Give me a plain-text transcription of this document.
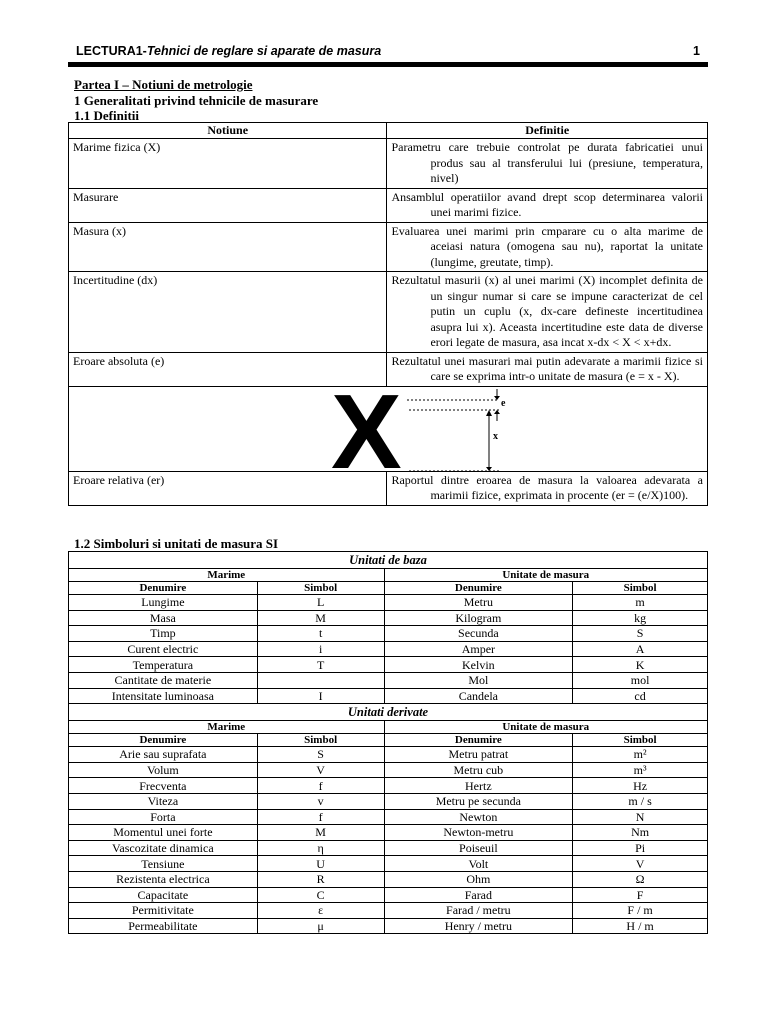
LECTURA1-Tehnici de reglare si aparate de masura	1
Partea I – Notiuni de metrologie
1 Generalitati privind tehnicile de masurare
1.1 Definitii
Notiune	Definitie
Marime fizica (X)	Parametru care trebuie controlat pe durata fabricatiei unui produs sau al transferului lui (presiune, temperatura, nivel)
Masurare	Ansamblul operatiilor avand drept scop determinarea valorii unei marimi fizice.
Masura (x)	Evaluarea unei marimi prin cmparare cu o alta marime de aceiasi natura (omogena sau nu), raportat la unitate (lungime, greutate, timp).
Incertitudine (dx)	Rezultatul masurii (x) al unei marimi (X) incomplet definita de un singur numar si care se impune caracterizat de cel putin un cuplu (x, dx-care defineste incertitudinea asupra lui x). Aceasta incertitudine este data de diverse erori legate de masura, asa incat x-dx < X < x+dx.
Eroare absoluta (e)	Rezultatul unei masurari mai putin adevarate a marimii fizice si care se exprima intr-o unitate de masura (e = x - X).

X e
x	

Eroare relativa (er)	Raportul dintre eroarea de masura la valoarea adevarata a marimii fizice, exprimata in procente (er = (e/X)100).
1.2 Simboluri si unitati de masura SI
Unitati de baza			
Marime		Unitate de masura	
Denumire	Simbol	Denumire	Simbol
Lungime	L	Metru	m
Masa	M	Kilogram	kg
Timp	t	Secunda	S
Curent electric	i	Amper	A
Temperatura	T	Kelvin	K
Cantitate de materie		Mol	mol
Intensitate luminoasa	I	Candela	cd
Unitati derivate			
Marime		Unitate de masura	
Denumire	Simbol	Denumire	Simbol
Arie sau suprafata	S	Metru patrat	m²
Volum	V	Metru cub	m³
Frecventa	f	Hertz	Hz
Viteza	v	Metru pe secunda	m / s
Forta	f	Newton	N
Momentul unei forte	M	Newton-metru	Nm
Vascozitate dinamica	η	Poiseuil	Pi
Tensiune	U	Volt	V
Rezistenta electrica	R	Ohm	Ω
Capacitate	C	Farad	F
Permitivitate	ε	Farad / metru	F / m
Permeabilitate	μ	Henry / metru	H / m
